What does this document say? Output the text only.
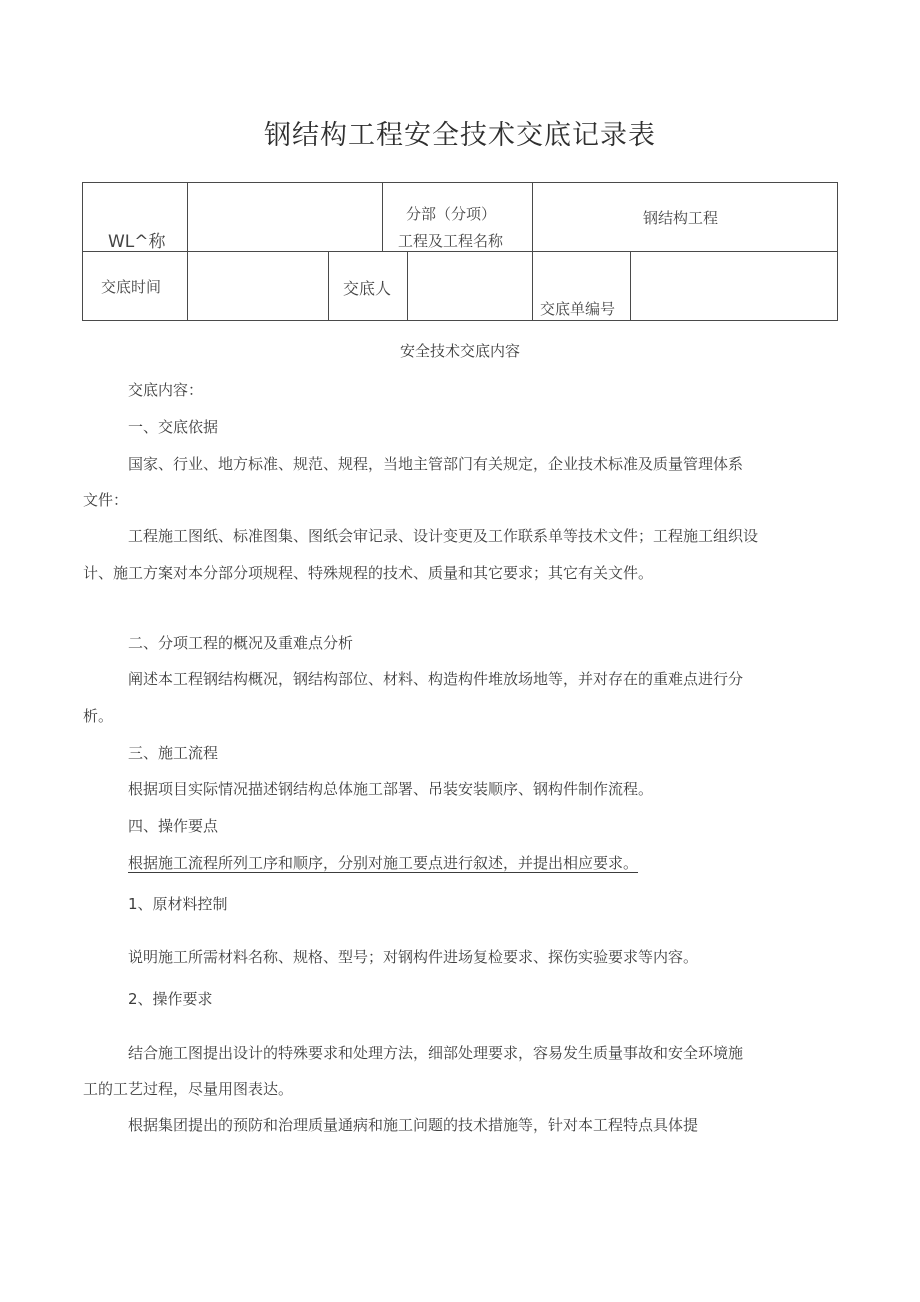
钢结构工程安全技术交底记录表
WL^称
分部（分项）
工程及工程名称
钢结构工程
交底时间	交底人
交底单编号
安全技术交底内容
交底内容：
一、交底依据
国家、行业、地方标准、规范、规程，当地主管部门有关规定，企业技术标准及质量管理体系
文件：
工程施工图纸、标准图集、图纸会审记录、设计变更及工作联系单等技术文件；工程施工组织设
计、施工方案对本分部分项规程、特殊规程的技术、质量和其它要求；其它有关文件。
二、分项工程的概况及重难点分析
阐述本工程钢结构概况，钢结构部位、材料、构造构件堆放场地等，并对存在的重难点进行分
析。
三、施工流程
根据项目实际情况描述钢结构总体施工部署、吊装安装顺序、钢构件制作流程。
四、操作要点
根据施工流程所列工序和顺序，分别对施工要点进行叙述，并提出相应要求。
1、原材料控制
说明施工所需材料名称、规格、型号；对钢构件进场复检要求、探伤实验要求等内容。
2、操作要求
结合施工图提出设计的特殊要求和处理方法，细部处理要求，容易发生质量事故和安全环境施
工的工艺过程，尽量用图表达。
根据集团提出的预防和治理质量通病和施工问题的技术措施等，针对本工程特点具体提
